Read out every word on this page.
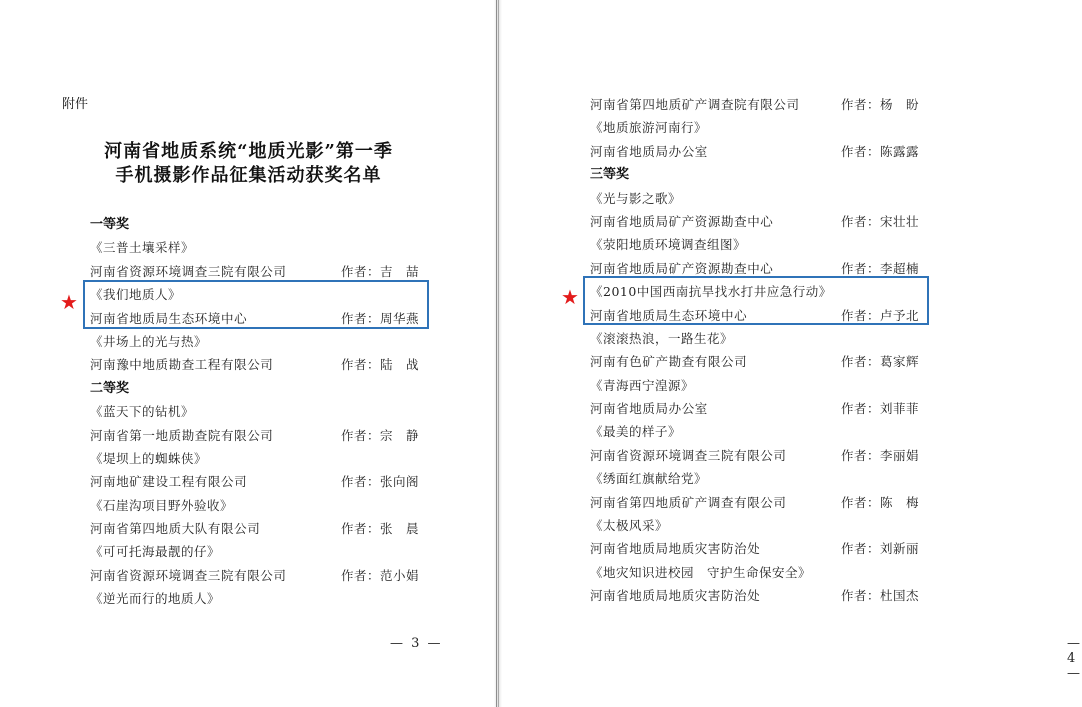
附件
河南省地质系统“地质光影”第一季
手机摄影作品征集活动获奖名单
一等奖
《三普土壤采样》
河南省资源环境调查三院有限公司	作者：吉　喆
《我们地质人》
河南省地质局生态环境中心	作者：周华燕
《井场上的光与热》
河南豫中地质勘查工程有限公司	作者：陆　战
二等奖
《蓝天下的钻机》
河南省第一地质勘查院有限公司	作者：宗　静
《堤坝上的蜘蛛侠》
河南地矿建设工程有限公司	作者：张向阁
《石崖沟项目野外验收》
河南省第四地质大队有限公司	作者：张　晨
《可可托海最靓的仔》
河南省资源环境调查三院有限公司	作者：范小娟
《逆光而行的地质人》
— 3 —	— 4 —
河南省第四地质矿产调查院有限公司	作者：杨　盼
《地质旅游河南行》
河南省地质局办公室	作者：陈露露
三等奖
《光与影之歌》
河南省地质局矿产资源勘查中心	作者：宋壮壮
《荥阳地质环境调查组图》
河南省地质局矿产资源勘查中心	作者：李超楠
《2010中国西南抗旱找水打井应急行动》
河南省地质局生态环境中心	作者：卢予北
《滚滚热浪，一路生花》
河南有色矿产勘查有限公司	作者：葛家辉
《青海西宁湟源》
河南省地质局办公室	作者：刘菲菲
《最美的样子》
河南省资源环境调查三院有限公司	作者：李丽娟
《绣面红旗献给党》
河南省第四地质矿产调查有限公司	作者：陈　梅
《太极风采》
河南省地质局地质灾害防治处	作者：刘新丽
《地灾知识进校园　守护生命保安全》
河南省地质局地质灾害防治处	作者：杜国杰
★	★
